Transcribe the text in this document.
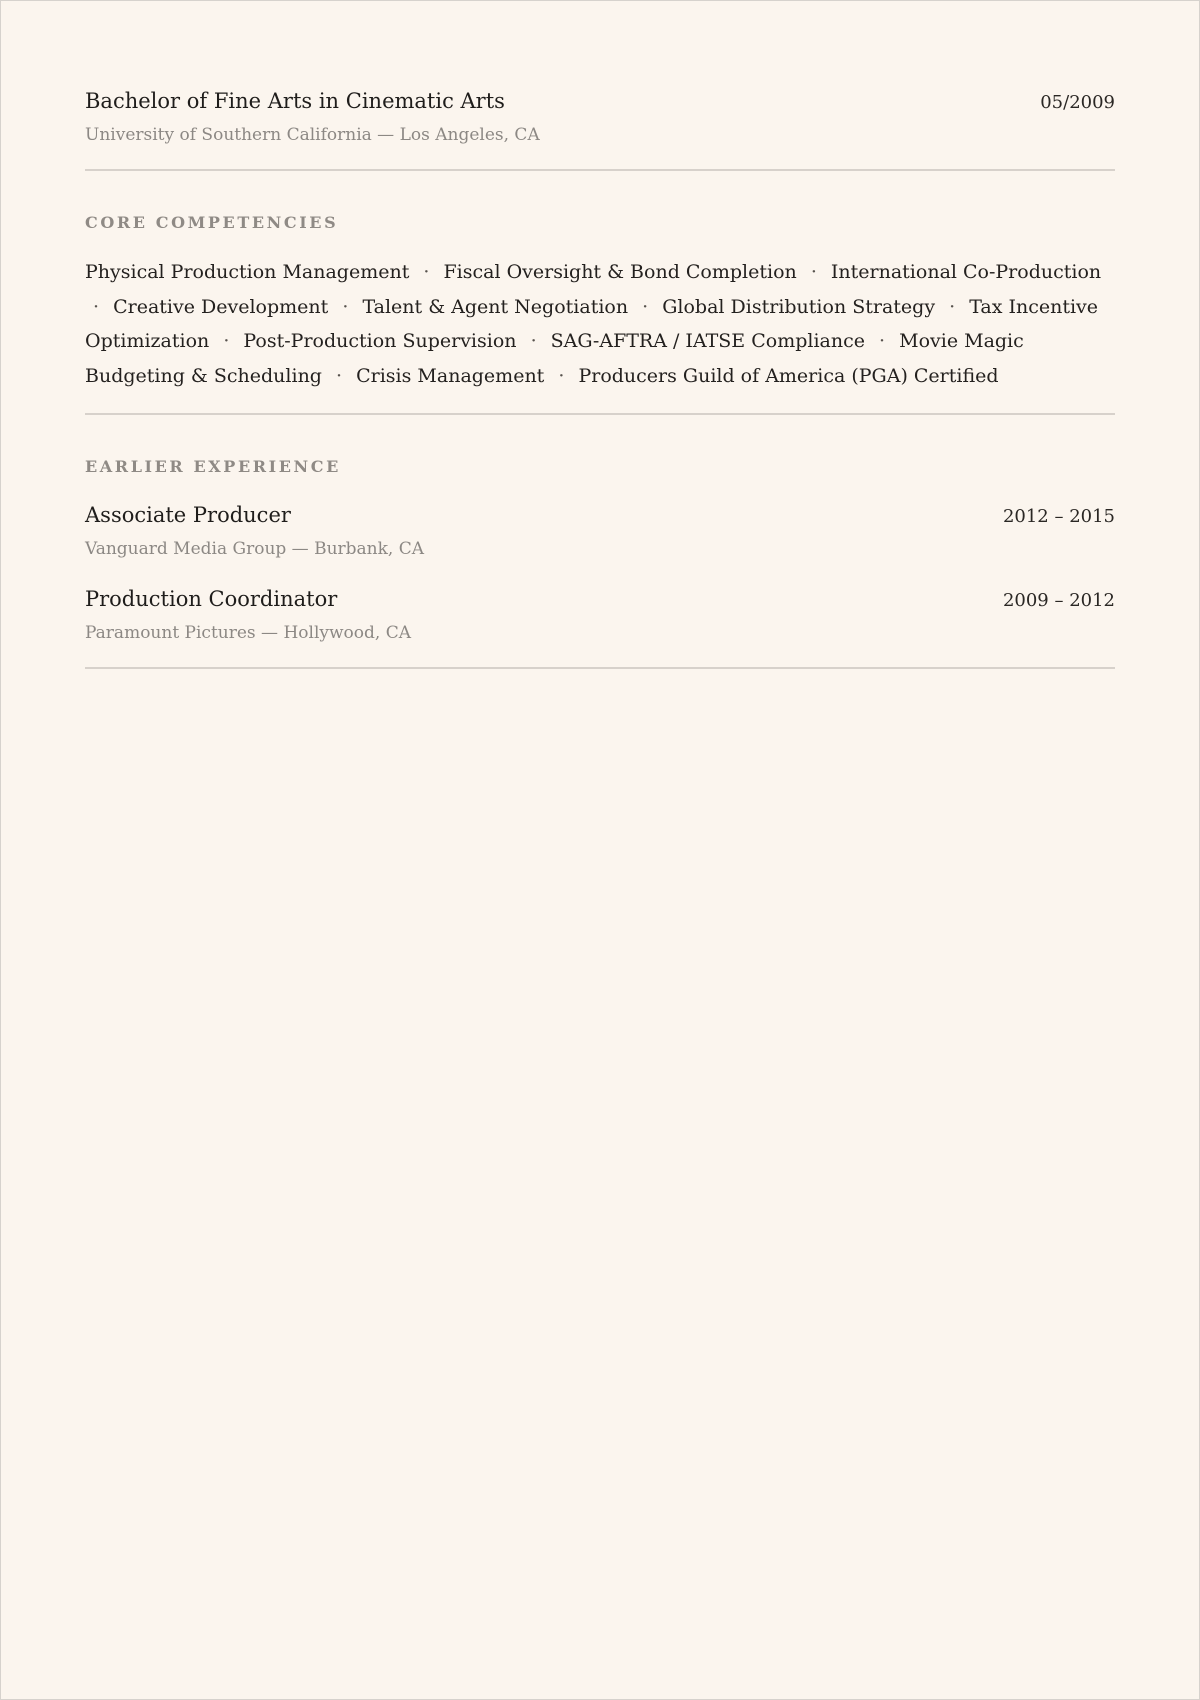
Bachelor of Fine Arts in Cinematic Arts	05/2009
University of Southern California — Los Angeles, CA
CORE COMPETENCIES
Physical Production Management · Fiscal Oversight & Bond Completion · International Co-Production · Creative Development · Talent & Agent Negotiation · Global Distribution Strategy · Tax Incentive Optimization · Post-Production Supervision · SAG-AFTRA / IATSE Compliance · Movie Magic Budgeting & Scheduling · Crisis Management · Producers Guild of America (PGA) Certified
EARLIER EXPERIENCE
Associate Producer	2012 – 2015
Vanguard Media Group — Burbank, CA
Production Coordinator	2009 – 2012
Paramount Pictures — Hollywood, CA
